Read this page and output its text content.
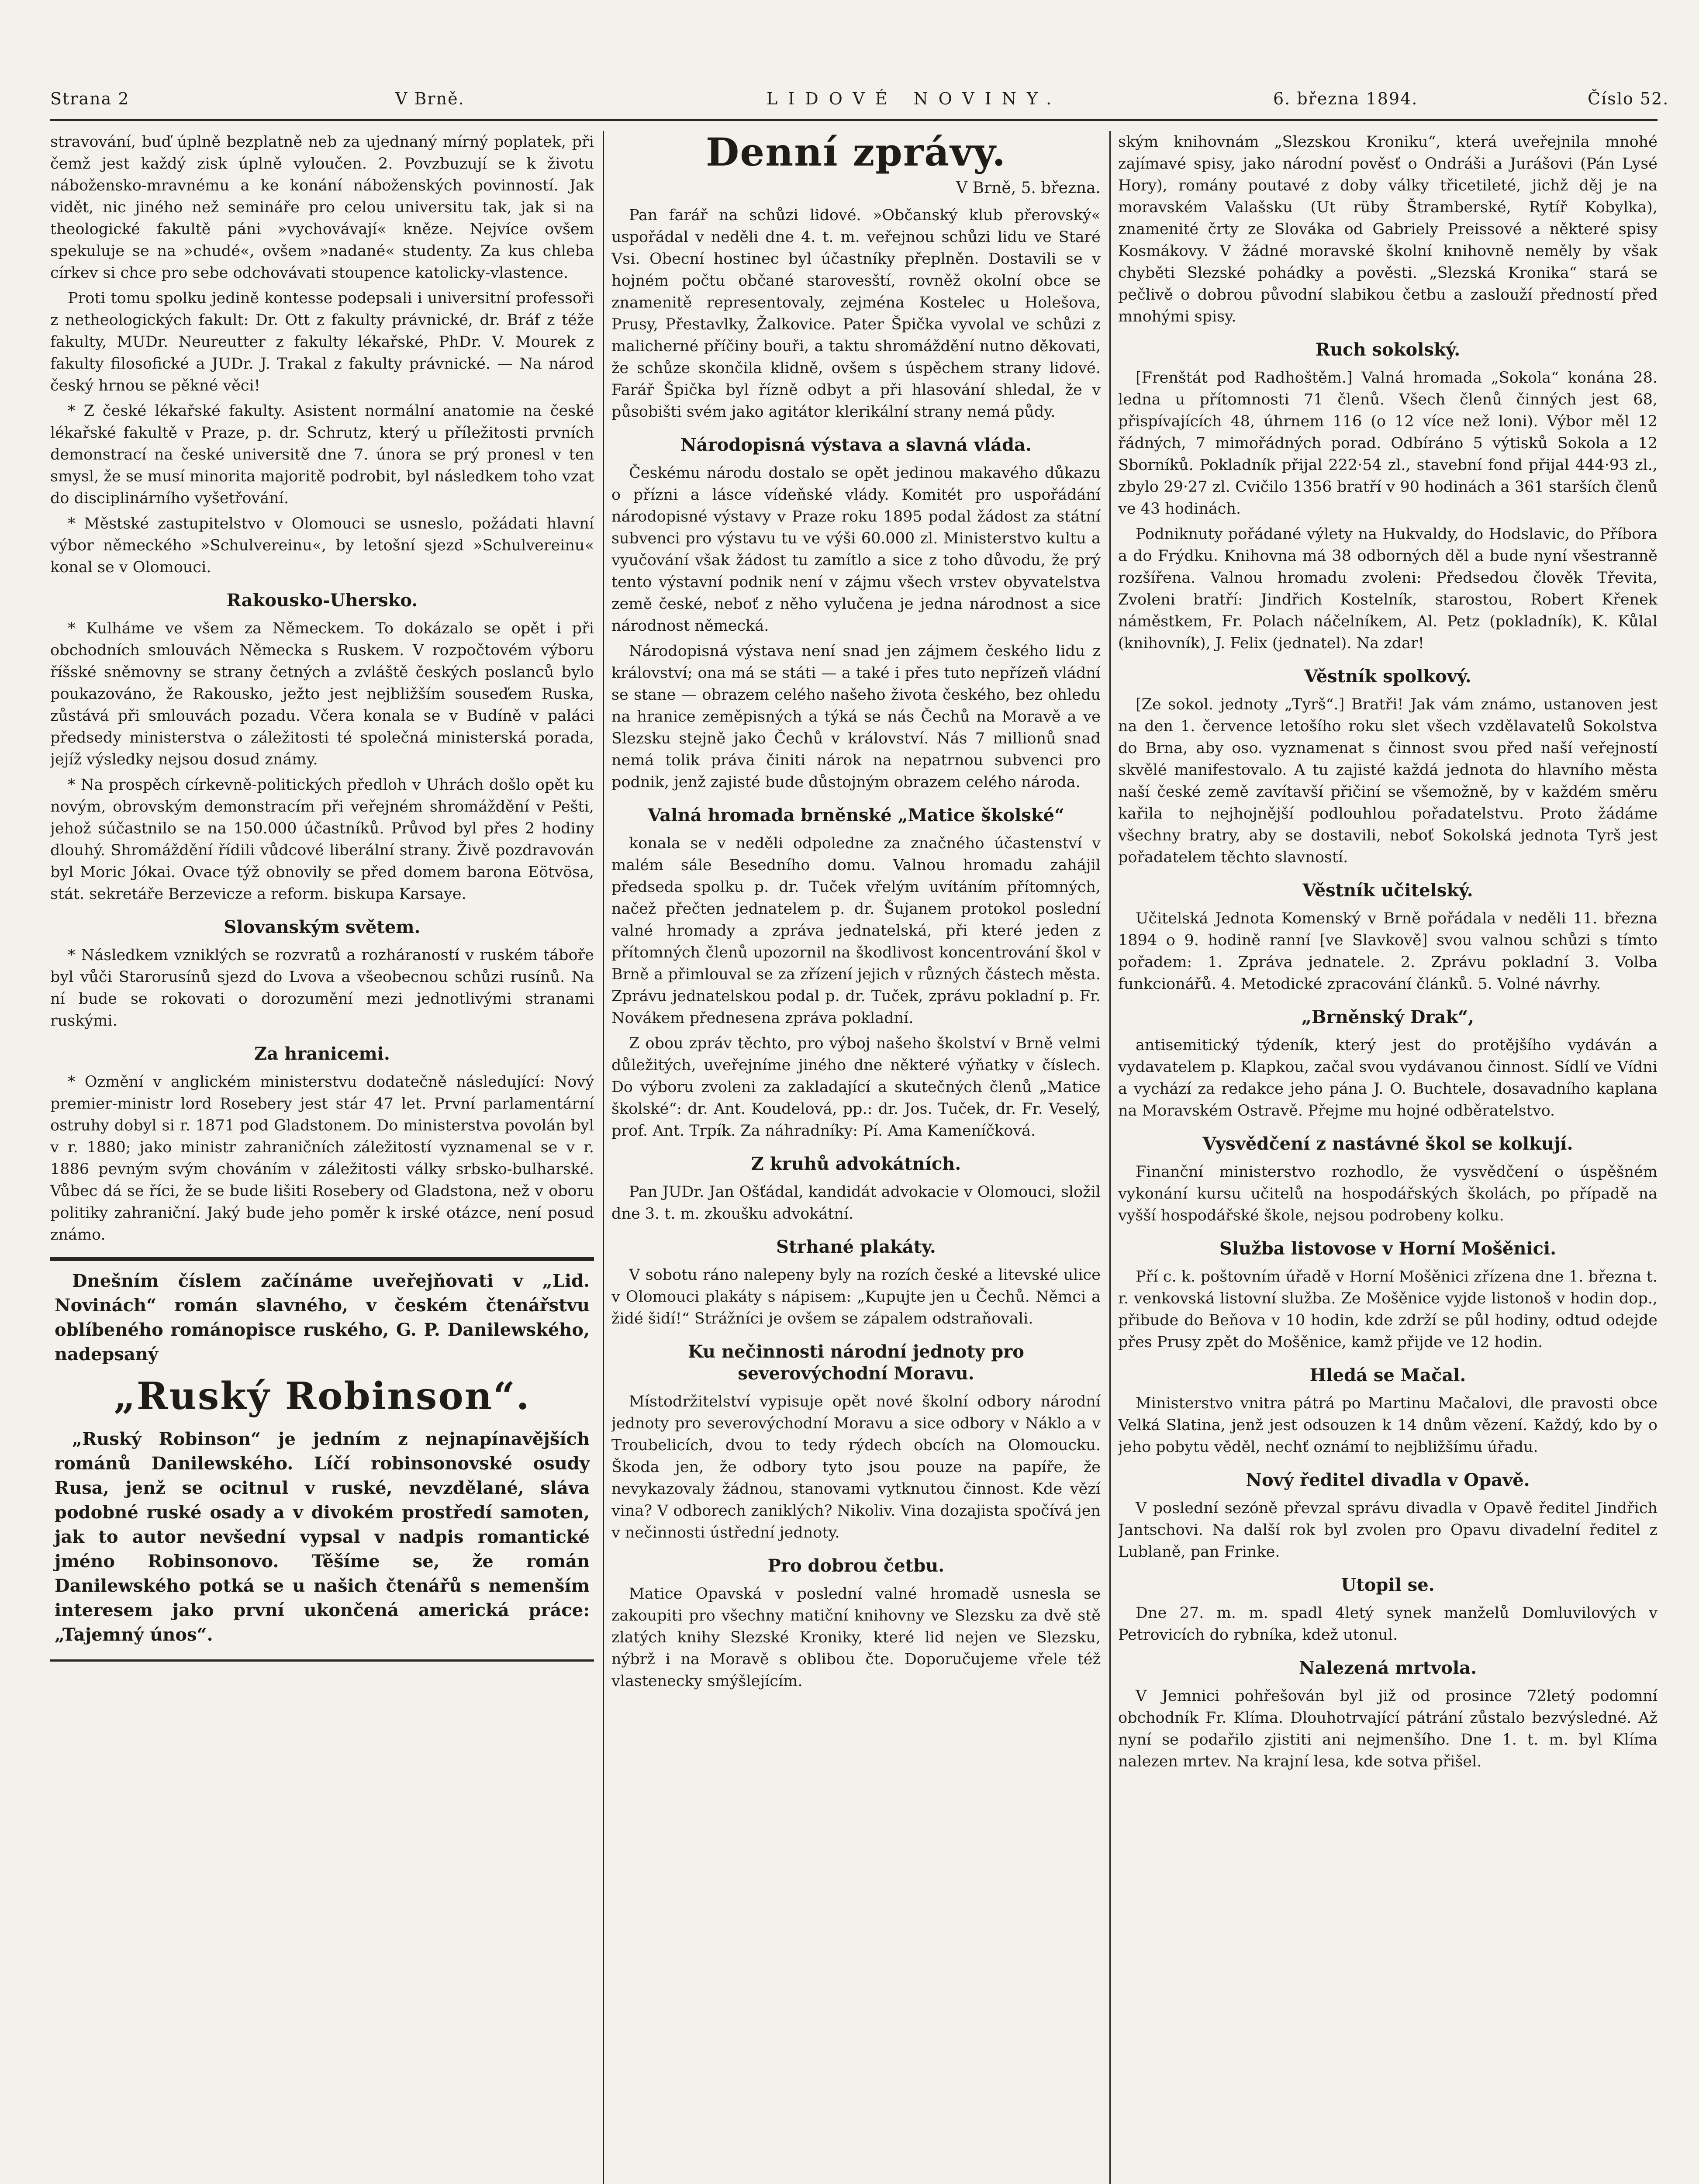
Strana 2	V Brně.	LIDOVÉ NOVINY.	6. března 1894.	Číslo 52.

stravování, buď úplně bezplatně neb za ujednaný mírný poplatek, při čemž jest každý zisk úplně vyloučen. 2. Povzbuzují se k životu nábožensko-mravnému a ke konání náboženských povinností. Jak vidět, nic jiného než semináře pro celou universitu tak, jak si na theologické fakultě páni »vychovávají« kněze. Nejvíce ovšem spekuluje se na »chudé«, ovšem »nadané« studenty. Za kus chleba církev si chce pro sebe odchovávati stoupence katolicky-vlastence.

Proti tomu spolku jedině kontesse podepsali i universitní professoři z netheologických fakult: Dr. Ott z fakulty právnické, dr. Bráf z téže fakulty, MUDr. Neureutter z fakulty lékařské, PhDr. V. Mourek z fakulty filosofické a JUDr. J. Trakal z fakulty právnické. — Na národ český hrnou se pěkné věci!

* Z české lékařské fakulty. Asistent normální anatomie na české lékařské fakultě v Praze, p. dr. Schrutz, který u příležitosti prvních demonstrací na české universitě dne 7. února se prý pronesl v ten smysl, že se musí minorita majoritě podrobit, byl následkem toho vzat do disciplinárního vyšetřování.

* Městské zastupitelstvo v Olomouci se usneslo, požádati hlavní výbor německého »Schulvereinu«, by letošní sjezd »Schulvereinu« konal se v Olomouci.

Rakousko-Uhersko.

* Kulháme ve všem za Německem. To dokázalo se opět i při obchodních smlouvách Německa s Ruskem. V rozpočtovém výboru říšské sněmovny se strany četných a zvláště českých poslanců bylo poukazováno, že Rakousko, ježto jest nejbližším souseďem Ruska, zůstává při smlouvách pozadu. Včera konala se v Budíně v paláci předsedy ministerstva o záležitosti té společná ministerská porada, jejíž výsledky nejsou dosud známy.

* Na prospěch církevně-politických předloh v Uhrách došlo opět ku novým, obrovským demonstracím při veřejném shromáždění v Pešti, jehož súčastnilo se na 150.000 účastníků. Průvod byl přes 2 hodiny dlouhý. Shromáždění řídili vůdcové liberální strany. Živě pozdravován byl Moric Jókai. Ovace týž obnovily se před domem barona Eötvösa, stát. sekretáře Berzevicze a reform. biskupa Karsaye.

Slovanským světem.

* Následkem vzniklých se rozvratů a rozháraností v ruském táboře byl vůči Starorusínů sjezd do Lvova a všeobecnou schůzi rusínů. Na ní bude se rokovati o dorozumění mezi jednotlivými stranami ruskými.

Za hranicemi.

* Ozmění v anglickém ministerstvu dodatečně následující: Nový premier-ministr lord Rosebery jest stár 47 let. První parlamentární ostruhy dobyl si r. 1871 pod Gladstonem. Do ministerstva povolán byl v r. 1880; jako ministr zahraničních záležitostí vyznamenal se v r. 1886 pevným svým chováním v záležitosti války srbsko-bulharské. Vůbec dá se říci, že se bude lišiti Rosebery od Gladstona, než v oboru politiky zahraniční. Jaký bude jeho poměr k irské otázce, není posud známo.

Dnešním číslem začínáme uveřejňovati v „Lid. Novinách“ román slavného, v českém čtenářstvu oblíbeného románopisce ruského, G. P. Danilewského, nadepsaný

„Ruský Robinson“.

„Ruský Robinson“ je jedním z nejnapínavějších románů Danilewského. Líčí robinsonovské osudy Rusa, jenž se ocitnul v ruské, nevzdělané, sláva podobné ruské osady a v divokém prostředí samoten, jak to autor nevšední vypsal v nadpis romantické jméno Robinsonovo. Těšíme se, že román Danilewského potká se u našich čtenářů s nemenším interesem jako první ukončená americká práce: „Tajemný únos“.

Denní zprávy.
V Brně, 5. března.

Pan farář na schůzi lidové. »Občanský klub přerovský« uspořádal v neděli dne 4. t. m. veřejnou schůzi lidu ve Staré Vsi. Obecní hostinec byl účastníky přeplněn. Dostavili se v hojném počtu občané starovesští, rovněž okolní obce se znamenitě representovaly, zejména Kostelec u Holešova, Prusy, Přestavlky, Žalkovice. Pater Špička vyvolal ve schůzi z malicherné příčiny bouři, a taktu shromáždění nutno děkovati, že schůze skončila klidně, ovšem s úspěchem strany lidové. Farář Špička byl řízně odbyt a při hlasování shledal, že v působišti svém jako agitátor klerikální strany nemá půdy.

Národopisná výstava a slavná vláda.

Českému národu dostalo se opět jedinou makavého důkazu o přízni a lásce vídeňské vlády. Komitét pro uspořádání národopisné výstavy v Praze roku 1895 podal žádost za státní subvenci pro výstavu tu ve výši 60.000 zl. Ministerstvo kultu a vyučování však žádost tu zamítlo a sice z toho důvodu, že prý tento výstavní podnik není v zájmu všech vrstev obyvatelstva země české, neboť z něho vylučena je jedna národnost a sice národnost německá.

Národopisná výstava není snad jen zájmem českého lidu z království; ona má se státi — a také i přes tuto nepřízeň vládní se stane — obrazem celého našeho života českého, bez ohledu na hranice zeměpisných a týká se nás Čechů na Moravě a ve Slezsku stejně jako Čechů v království. Nás 7 millionů snad nemá tolik práva činiti nárok na nepatrnou subvenci pro podnik, jenž zajisté bude důstojným obrazem celého národa.

Valná hromada brněnské „Matice školské“

konala se v neděli odpoledne za značného účastenství v malém sále Besedního domu. Valnou hromadu zahájil předseda spolku p. dr. Tuček vřelým uvítáním přítomných, načež přečten jednatelem p. dr. Šujanem protokol poslední valné hromady a zpráva jednatelská, při které jeden z přítomných členů upozornil na škodlivost koncentrování škol v Brně a přimlouval se za zřízení jejich v různých částech města. Zprávu jednatelskou podal p. dr. Tuček, zprávu pokladní p. Fr. Novákem přednesena zpráva pokladní.

Z obou zpráv těchto, pro výboj našeho školství v Brně velmi důležitých, uveřejníme jiného dne některé výňatky v číslech. Do výboru zvoleni za zakladající a skutečných členů „Matice školské“: dr. Ant. Koudelová, pp.: dr. Jos. Tuček, dr. Fr. Veselý, prof. Ant. Trpík. Za náhradníky: Pí. Ama Kameníčková.

Z kruhů advokátních.

Pan JUDr. Jan Ošťádal, kandidát advokacie v Olomouci, složil dne 3. t. m. zkoušku advokátní.

Strhané plakáty.

V sobotu ráno nalepeny byly na rozích české a litevské ulice v Olomouci plakáty s nápisem: „Kupujte jen u Čechů. Němci a židé šidí!“ Strážníci je ovšem se zápalem odstraňovali.

Ku nečinnosti národní jednoty pro severovýchodní Moravu.

Místodržitelství vypisuje opět nové školní odbory národní jednoty pro severovýchodní Moravu a sice odbory v Náklo a v Troubelicích, dvou to tedy rýdech obcích na Olomoucku. Škoda jen, že odbory tyto jsou pouze na papíře, že nevykazovaly žádnou, stanovami vytknutou činnost. Kde vězí vina? V odborech zaniklých? Nikoliv. Vina dozajista spočívá jen v nečinnosti ústřední jednoty.

Pro dobrou četbu.

Matice Opavská v poslední valné hromadě usnesla se zakoupiti pro všechny matiční knihovny ve Slezsku za dvě stě zlatých knihy Slezské Kroniky, které lid nejen ve Slezsku, nýbrž i na Moravě s oblibou čte. Doporučujeme vřele též vlastenecky smýšlejícím.

ským knihovnám „Slezskou Kroniku“, která uveřejnila mnohé zajímavé spisy, jako národní pověsť o Ondráši a Jurášovi (Pán Lysé Hory), romány poutavé z doby války třicetileté, jichž děj je na moravském Valašsku (Ut rüby Štramberské, Rytíř Kobylka), znamenité črty ze Slováka od Gabriely Preissové a některé spisy Kosmákovy. V žádné moravské školní knihovně neměly by však chyběti Slezské pohádky a pověsti. „Slezská Kronika“ stará se pečlivě o dobrou původní slabikou četbu a zaslouží předností před mnohými spisy.

Ruch sokolský.

[Frenštát pod Radhoštěm.] Valná hromada „Sokola“ konána 28. ledna u přítomnosti 71 členů. Všech členů činných jest 68, přispívajících 48, úhrnem 116 (o 12 více než loni). Výbor měl 12 řádných, 7 mimořádných porad. Odbíráno 5 výtisků Sokola a 12 Sborníků. Pokladník přijal 222·54 zl., stavební fond přijal 444·93 zl., zbylo 29·27 zl. Cvičilo 1356 bratří v 90 hodinách a 361 starších členů ve 43 hodinách.

Podniknuty pořádané výlety na Hukvaldy, do Hodslavic, do Příbora a do Frýdku. Knihovna má 38 odborných děl a bude nyní všestranně rozšířena. Valnou hromadu zvoleni: Předsedou člověk Třevita, Zvoleni bratří: Jindřich Kostelník, starostou, Robert Křenek náměstkem, Fr. Polach náčelníkem, Al. Petz (pokladník), K. Kůlal (knihovník), J. Felix (jednatel). Na zdar!

Věstník spolkový.

[Ze sokol. jednoty „Tyrš“.] Bratři! Jak vám známo, ustanoven jest na den 1. července letošího roku slet všech vzdělavatelů Sokolstva do Brna, aby oso. vyznamenat s činnost svou před naší veřejností skvělé manifestovalo. A tu zajisté každá jednota do hlavního města naší české země zavítavší přičiní se všemožně, by v každém směru kařila to nejhojnější podlouhlou pořadatelstvu. Proto žádáme všechny bratry, aby se dostavili, neboť Sokolská jednota Tyrš jest pořadatelem těchto slavností.

Věstník učitelský.

Učitelská Jednota Komenský v Brně pořádala v neděli 11. března 1894 o 9. hodině ranní [ve Slavkově] svou valnou schůzi s tímto pořadem: 1. Zpráva jednatele. 2. Zprávu pokladní 3. Volba funkcionářů. 4. Metodické zpracování článků. 5. Volné návrhy.

„Brněnský Drak“,

antisemitický týdeník, který jest do protějšího vydáván a vydavatelem p. Klapkou, začal svou vydávanou činnost. Sídlí ve Vídni a vychází za redakce jeho pána J. O. Buchtele, dosavadního kaplana na Moravském Ostravě. Přejme mu hojné odběratelstvo.

Vysvědčení z nastávné škol se kolkují.

Finanční ministerstvo rozhodlo, že vysvědčení o úspěšném vykonání kursu učitelů na hospodářských školách, po případě na vyšší hospodářské škole, nejsou podrobeny kolku.

Služba listovose v Horní Mošěnici.

Pří c. k. poštovním úřadě v Horní Mošěnici zřízena dne 1. března t. r. venkovská listovní služba. Ze Mošěnice vyjde listonoš v hodin dop., přibude do Beňova v 10 hodin, kde zdrží se půl hodiny, odtud odejde přes Prusy zpět do Mošěnice, kamž přijde ve 12 hodin.

Hledá se Mačal.

Ministerstvo vnitra pátrá po Martinu Mačalovi, dle pravosti obce Velká Slatina, jenž jest odsouzen k 14 dnům vězení. Každý, kdo by o jeho pobytu věděl, nechť oznámí to nejbližšímu úřadu.

Nový ředitel divadla v Opavě.

V poslední sezóně převzal správu divadla v Opavě ředitel Jindřich Jantschovi. Na další rok byl zvolen pro Opavu divadelní ředitel z Lublaně, pan Frinke.

Utopil se.

Dne 27. m. m. spadl 4letý synek manželů Domluvilových v Petrovicích do rybníka, kdež utonul.

Nalezená mrtvola.

V Jemnici pohřešován byl již od prosince 72letý podomní obchodník Fr. Klíma. Dlouhotrvající pátrání zůstalo bezvýsledné. Až nyní se podařilo zjistiti ani nejmenšího. Dne 1. t. m. byl Klíma nalezen mrtev. Na krajní lesa, kde sotva přišel.
